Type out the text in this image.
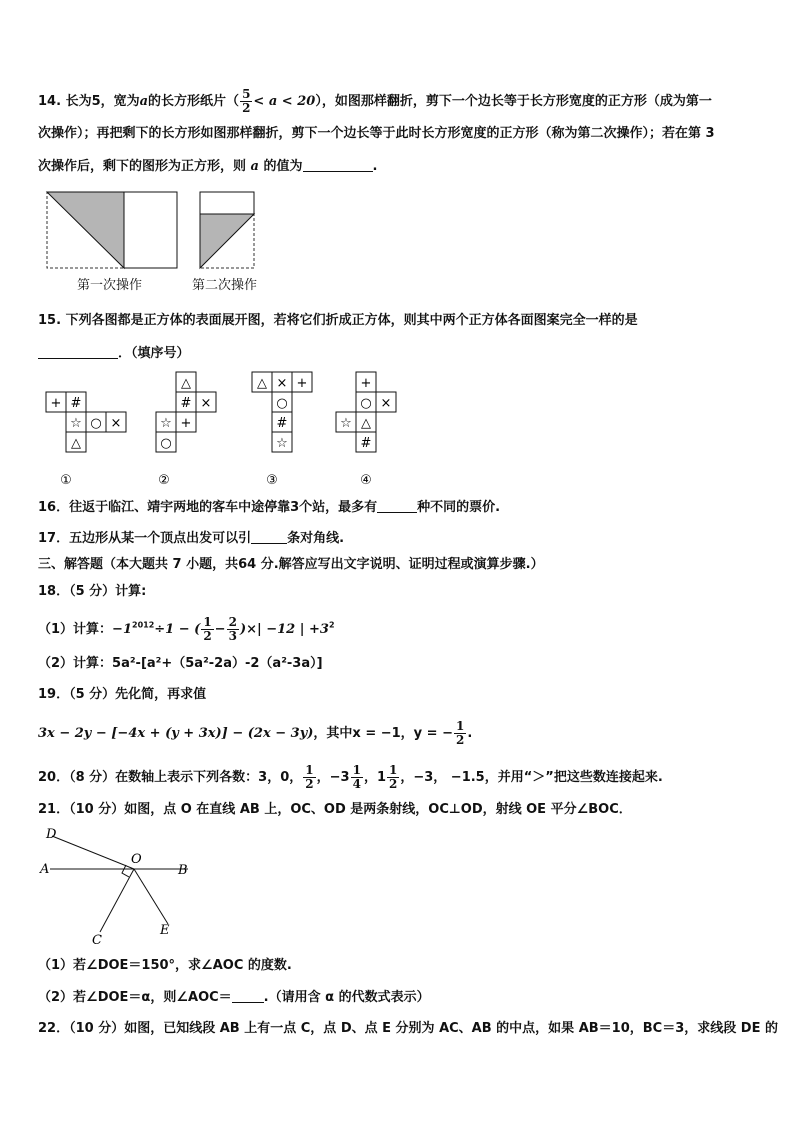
14. 长为5，宽为a的长方形纸片（ $\frac{5}{2} < a < 20$），如图那样翻折，剪下一个边长等于长方形宽度的正方形（成为第一
次操作）；再把剩下的长方形如图那样翻折，剪下一个边长等于此时长方形宽度的正方形（称为第二次操作）；若在第 3
次操作后，剩下的图形为正方形，则 a 的值为	.
第一次操作	第二次操作
15. 下列各图都是正方体的表面展开图，若将它们折成正方体，则其中两个正方体各面图案完全一样的是
．（填序号）
+ #
☆ ○ ×
△
①
△
# ×
☆ +
○
②
△ × +
○
#
☆
③
+
○ ×
☆ △
#
④
16．往返于临江、靖宇两地的客车中途停靠3个站，最多有	种不同的票价.
17．五边形从某一个顶点出发可以引	条对角线.
三、解答题（本大题共 7 小题，共64 分.解答应写出文字说明、证明过程或演算步骤.）
18．（5 分）计算:
（1）计算：$-1^{2012}\div 1$ − ( $\frac{1}{2} - \frac{2}{3}$ )×| −12 | $+3^2$
（2）计算：5a²-[a²+（5a²-2a）-2（a²-3a）]
19．（5 分）先化简，再求值
3x − 2y − [−4x + (y + 3x)] − (2x − 3y)，其中x = −1，y = − $\frac{1}{2}$ .
20．（8 分）在数轴上表示下列各数：3，0， $\frac{1}{2}$ ，$-3 \frac{1}{4}$ ，$1 \frac{1}{2}$ ，−3， −1.5，并用“＞”把这些数连接起来.
21．（10 分）如图，点 O 在直线 AB 上，OC、OD 是两条射线，OC⊥OD，射线 OE 平分∠BOC．
D
A
O
B
C
E
（1）若∠DOE＝150°，求∠AOC 的度数.
（2）若∠DOE＝α，则∠AOC＝ .（请用含 α 的代数式表示）
22．（10 分）如图，已知线段 AB 上有一点 C，点 D、点 E 分别为 AC、AB 的中点，如果 AB＝10，BC＝3，求线段 DE 的
